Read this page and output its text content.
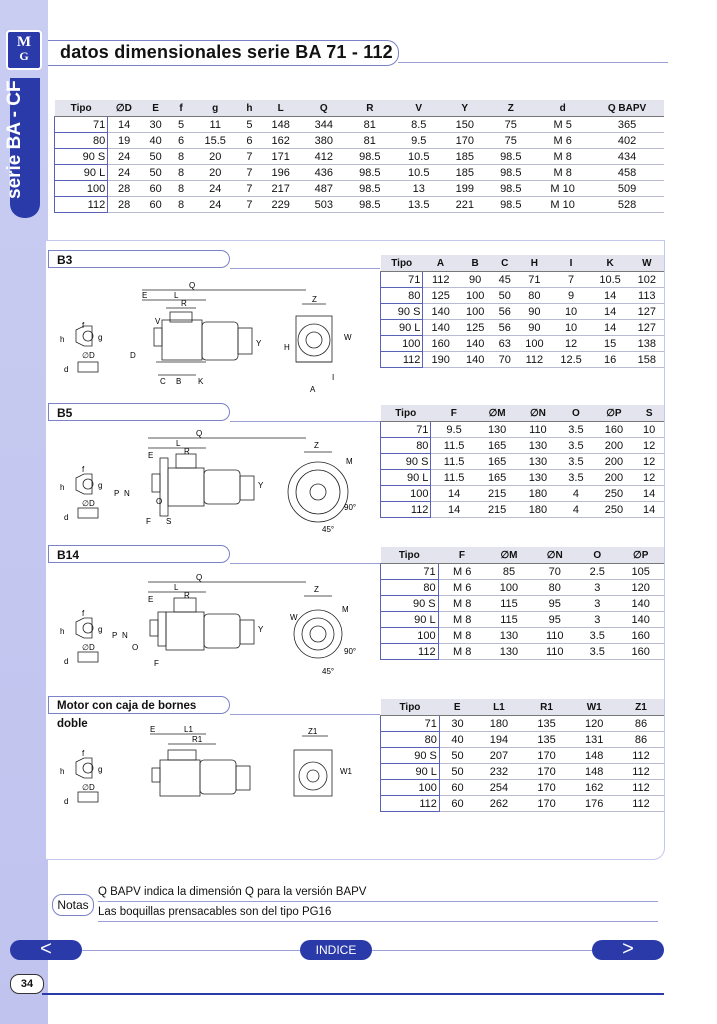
M
G
serie BA - CF
datos dimensionales serie BA 71 - 112
Tipo	∅D	E	f	g	h	L	Q	R	V	Y	Z	d	Q BAPV
71	14	30	5	11	5	148	344	81	8.5	150	75	M 5	365
80	19	40	6	15.5	6	162	380	81	9.5	170	75	M 6	402
90 S	24	50	8	20	7	171	412	98.5	10.5	185	98.5	M 8	434
90 L	24	50	8	20	7	196	436	98.5	10.5	185	98.5	M 8	458
100	28	60	8	24	7	217	487	98.5	13	199	98.5	M 10	509
112	28	60	8	24	7	229	503	98.5	13.5	221	98.5	M 10	528
B3
B5
B14
Motor con caja de bornes doble
Tipo	A	B	C	H	I	K	W
71	112	90	45	71	7	10.5	102
80	125	100	50	80	9	14	113
90 S	140	100	56	90	10	14	127
90 L	140	125	56	90	10	14	127
100	160	140	63	100	12	15	138
112	190	140	70	112	12.5	16	158
Tipo	F	∅M	∅N	O	∅P	S
71	9.5	130	110	3.5	160	10
80	11.5	165	130	3.5	200	12
90 S	11.5	165	130	3.5	200	12
90 L	11.5	165	130	3.5	200	12
100	14	215	180	4	250	14
112	14	215	180	4	250	14
Tipo	F	∅M	∅N	O	∅P
71	M 6	85	70	2.5	105
80	M 6	100	80	3	120
90 S	M 8	115	95	3	140
90 L	M 8	115	95	3	140
100	M 8	130	110	3.5	160
112	M 8	130	110	3.5	160
Tipo	E	L1	R1	W1	Z1
71	30	180	135	120	86
80	40	194	135	131	86
90 S	50	207	170	148	112
90 L	50	232	170	148	112
100	60	254	170	162	112
112	60	262	170	176	112
Q
E	L
R
V
D
Y
C B K
Z
W
H
A
I
h
f
g
∅D
d
Q
E
L
R
F
P N
S
O
M
Y
Z
90°
45°
h
f
g
∅D
d
Q
E
L
R
P N
F
O
M
Y
Z
W
90°
45°
h
f
g
∅D
d
E	L1
R1
Z1
W1
h
f
g
∅D
d
Notas
Q BAPV indica la dimensión Q para la versión BAPV
Las boquillas prensacables son del tipo PG16
<	INDICE	>
34
